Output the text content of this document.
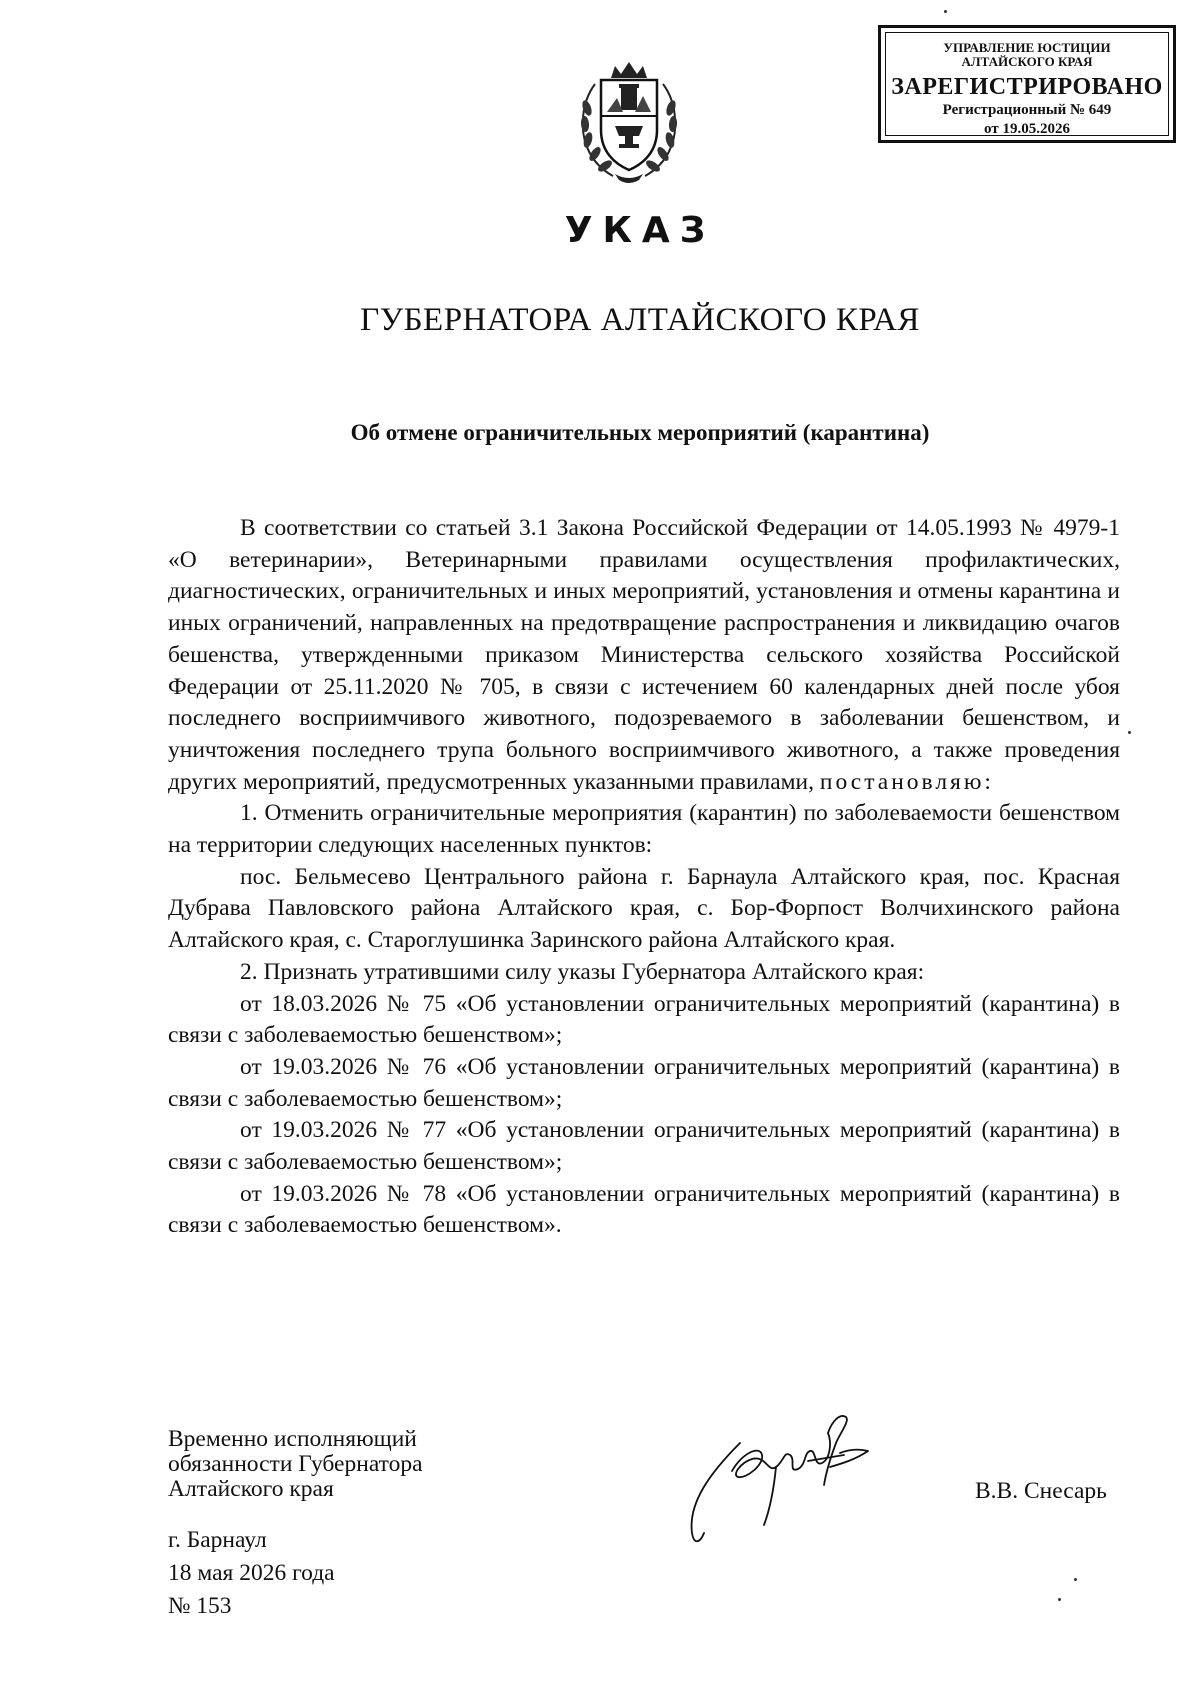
УПРАВЛЕНИЕ ЮСТИЦИИ
АЛТАЙСКОГО КРАЯ
ЗАРЕГИСТРИРОВАНО
Регистрационный № 649
от 19.05.2026
УКАЗ
ГУБЕРНАТОРА АЛТАЙСКОГО КРАЯ
Об отмене ограничительных мероприятий (карантина)

В соответствии со статьей 3.1 Закона Российской Федерации от 14.05.1993 № 4979-1 «О ветеринарии», Ветеринарными правилами осуществления профилактических, диагностических, ограничительных и иных мероприятий, установления и отмены карантина и иных ограничений, направленных на предотвращение распространения и ликвидацию очагов бешенства, утвержденными приказом Министерства сельского хозяйства Российской Федерации от 25.11.2020 № 705, в связи с истечением 60 календарных дней после убоя последнего восприимчивого животного, подозреваемого в заболевании бешенством, и уничтожения последнего трупа больного восприимчивого животного, а также проведения других мероприятий, предусмотренных указанными правилами, постановляю:

1. Отменить ограничительные мероприятия (карантин) по заболеваемости бешенством на территории следующих населенных пунктов:

пос. Бельмесево Центрального района г. Барнаула Алтайского края, пос. Красная Дубрава Павловского района Алтайского края, с. Бор-Форпост Волчихинского района Алтайского края, с. Староглушинка Заринского района Алтайского края.

2. Признать утратившими силу указы Губернатора Алтайского края:

от 18.03.2026 № 75 «Об установлении ограничительных мероприятий (карантина) в связи с заболеваемостью бешенством»;

от 19.03.2026 № 76 «Об установлении ограничительных мероприятий (карантина) в связи с заболеваемостью бешенством»;

от 19.03.2026 № 77 «Об установлении ограничительных мероприятий (карантина) в связи с заболеваемостью бешенством»;

от 19.03.2026 № 78 «Об установлении ограничительных мероприятий (карантина) в связи с заболеваемостью бешенством».

Временно исполняющий
обязанности Губернатора
Алтайского края	В.В. Снесарь
г. Барнаул
18 мая 2026 года
№ 153
